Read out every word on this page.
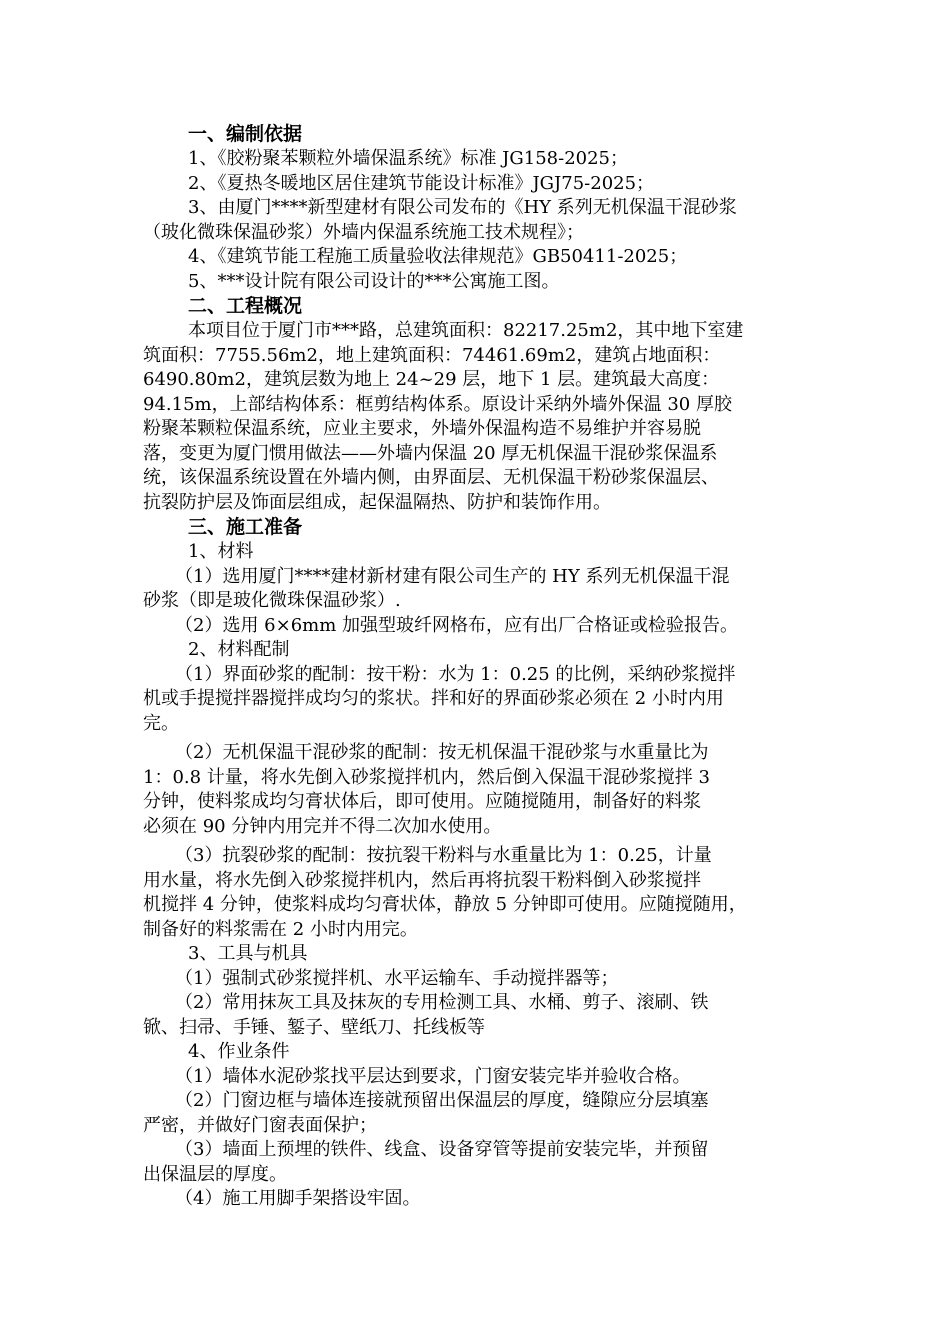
一、编制依据
1、《胶粉聚苯颗粒外墙保温系统》标准 JG158-2025；
2、《夏热冬暖地区居住建筑节能设计标准》JGJ75-2025；
3、由厦门****新型建材有限公司发布的《HY 系列无机保温干混砂浆
（玻化微珠保温砂浆）外墙内保温系统施工技术规程》；
4、《建筑节能工程施工质量验收法律规范》GB50411-2025；
5、***设计院有限公司设计的***公寓施工图。
二、工程概况
本项目位于厦门市***路，总建筑面积：82217.25m2，其中地下室建
筑面积：7755.56m2，地上建筑面积：74461.69m2，建筑占地面积：
6490.80m2，建筑层数为地上 24~29 层，地下 1 层。建筑最大高度：
94.15m，上部结构体系：框剪结构体系。原设计采纳外墙外保温 30 厚胶
粉聚苯颗粒保温系统，应业主要求，外墙外保温构造不易维护并容易脱
落，变更为厦门惯用做法——外墙内保温 20 厚无机保温干混砂浆保温系
统，该保温系统设置在外墙内侧，由界面层、无机保温干粉砂浆保温层、
抗裂防护层及饰面层组成，起保温隔热、防护和装饰作用。
三、施工准备
1、材料
（1）选用厦门****建材新材建有限公司生产的 HY 系列无机保温干混
砂浆（即是玻化微珠保温砂浆）.
（2）选用 6×6mm 加强型玻纤网格布，应有出厂合格证或检验报告。
2、材料配制
（1）界面砂浆的配制：按干粉：水为 1：0.25 的比例，采纳砂浆搅拌
机或手提搅拌器搅拌成均匀的浆状。拌和好的界面砂浆必须在 2 小时内用
完。
（2）无机保温干混砂浆的配制：按无机保温干混砂浆与水重量比为
1：0.8 计量，将水先倒入砂浆搅拌机内，然后倒入保温干混砂浆搅拌 3
分钟，使料浆成均匀膏状体后，即可使用。应随搅随用，制备好的料浆
必须在 90 分钟内用完并不得二次加水使用。
（3）抗裂砂浆的配制：按抗裂干粉料与水重量比为 1：0.25，计量
用水量，将水先倒入砂浆搅拌机内，然后再将抗裂干粉料倒入砂浆搅拌
机搅拌 4 分钟，使浆料成均匀膏状体，静放 5 分钟即可使用。应随搅随用，
制备好的料浆需在 2 小时内用完。
3、工具与机具
（1）强制式砂浆搅拌机、水平运输车、手动搅拌器等；
（2）常用抹灰工具及抹灰的专用检测工具、水桶、剪子、滚刷、铁
锨、扫帚、手锤、錾子、壁纸刀、托线板等
4、作业条件
（1）墙体水泥砂浆找平层达到要求，门窗安装完毕并验收合格。
（2）门窗边框与墙体连接就预留出保温层的厚度，缝隙应分层填塞
严密，并做好门窗表面保护；
（3）墙面上预埋的铁件、线盒、设备穿管等提前安装完毕，并预留
出保温层的厚度。
（4）施工用脚手架搭设牢固。
